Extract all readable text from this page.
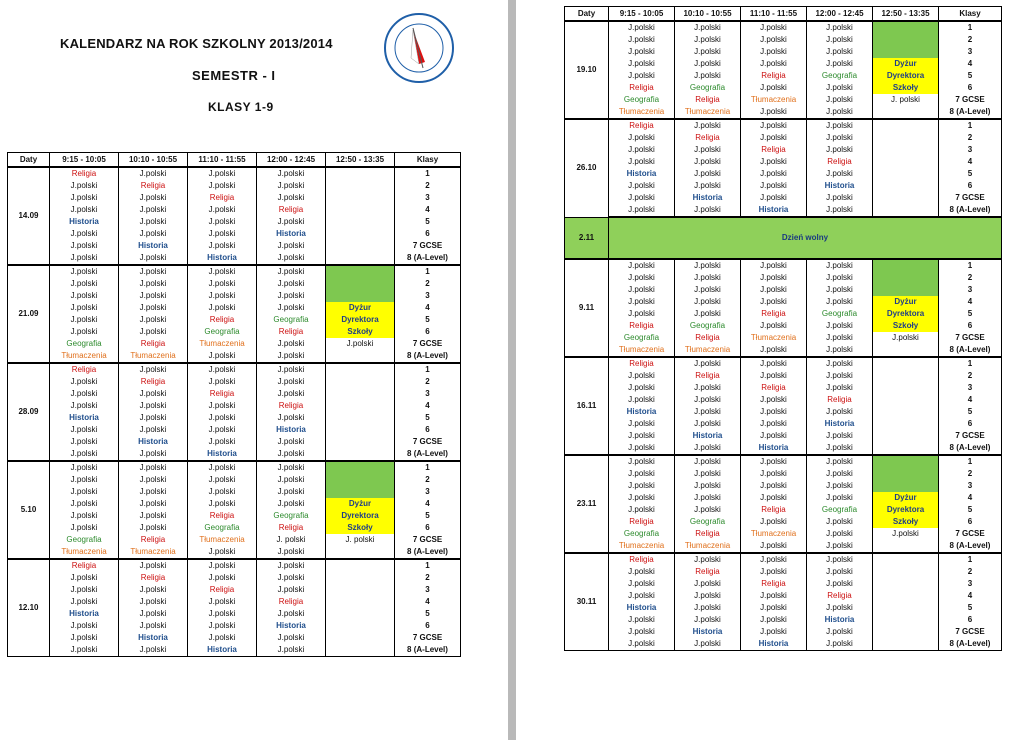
KALENDARZ NA ROK SZKOLNY 2013/2014
SEMESTR - I
KLASY 1-9
Daty	9:15 - 10:05	10:10 - 10:55	11:10 - 11:55	12:00 - 12:45	12:50 - 13:35	Klasy
14.09	Religia	J.polski	J.polski	J.polski		1
	J.polski	Religia	J.polski	J.polski		2
	J.polski	J.polski	Religia	J.polski		3
	J.polski	J.polski	J.polski	Religia		4
	Historia	J.polski	J.polski	J.polski		5
	J.polski	J.polski	J.polski	Historia		6
	J.polski	Historia	J.polski	J.polski		7 GCSE
	J.polski	J.polski	Historia	J.polski		8 (A-Level)
21.09	J.polski	J.polski	J.polski	J.polski		1
	J.polski	J.polski	J.polski	J.polski		2
	J.polski	J.polski	J.polski	J.polski		3
	J.polski	J.polski	J.polski	J.polski	Dyżur	4
	J.polski	J.polski	Religia	Geografia	Dyrektora	5
	J.polski	J.polski	Geografia	Religia	Szkoły	6
	Geografia	Religia	Tłumaczenia	J.polski	J.polski	7 GCSE
	Tłumaczenia	Tłumaczenia	J.polski	J.polski		8 (A-Level)
28.09	Religia	J.polski	J.polski	J.polski		1
	J.polski	Religia	J.polski	J.polski		2
	J.polski	J.polski	Religia	J.polski		3
	J.polski	J.polski	J.polski	Religia		4
	Historia	J.polski	J.polski	J.polski		5
	J.polski	J.polski	J.polski	Historia		6
	J.polski	Historia	J.polski	J.polski		7 GCSE
	J.polski	J.polski	Historia	J.polski		8 (A-Level)
5.10	J.polski	J.polski	J.polski	J.polski		1
	J.polski	J.polski	J.polski	J.polski		2
	J.polski	J.polski	J.polski	J.polski		3
	J.polski	J.polski	J.polski	J.polski	Dyżur	4
	J.polski	J.polski	Religia	Geografia	Dyrektora	5
	J.polski	J.polski	Geografia	Religia	Szkoły	6
	Geografia	Religia	Tłumaczenia	J. polski	J. polski	7 GCSE
	Tłumaczenia	Tłumaczenia	J.polski	J.polski		8 (A-Level)
12.10	Religia	J.polski	J.polski	J.polski		1
	J.polski	Religia	J.polski	J.polski		2
	J.polski	J.polski	Religia	J.polski		3
	J.polski	J.polski	J.polski	Religia		4
	Historia	J.polski	J.polski	J.polski		5
	J.polski	J.polski	J.polski	Historia		6
	J.polski	Historia	J.polski	J.polski		7 GCSE
	J.polski	J.polski	Historia	J.polski		8 (A-Level)
Daty	9:15 - 10:05	10:10 - 10:55	11:10 - 11:55	12:00 - 12:45	12:50 - 13:35	Klasy
19.10	J.polski	J.polski	J.polski	J.polski		1
	J.polski	J.polski	J.polski	J.polski		2
	J.polski	J.polski	J.polski	J.polski		3
	J.polski	J.polski	J.polski	J.polski	Dyżur	4
	J.polski	J.polski	Religia	Geografia	Dyrektora	5
	Religia	Geografia	J.polski	J.polski	Szkoły	6
	Geografia	Religia	Tłumaczenia	J.polski	J. polski	7 GCSE
	Tłumaczenia	Tłumaczenia	J.polski	J.polski		8 (A-Level)
26.10	Religia	J.polski	J.polski	J.polski		1
	J.polski	Religia	J.polski	J.polski		2
	J.polski	J.polski	Religia	J.polski		3
	J.polski	J.polski	J.polski	Religia		4
	Historia	J.polski	J.polski	J.polski		5
	J.polski	J.polski	J.polski	Historia		6
	J.polski	Historia	J.polski	J.polski		7 GCSE
	J.polski	J.polski	Historia	J.polski		8 (A-Level)
2.11	Dzień wolny					
9.11	J.polski	J.polski	J.polski	J.polski		1
	J.polski	J.polski	J.polski	J.polski		2
	J.polski	J.polski	J.polski	J.polski		3
	J.polski	J.polski	J.polski	J.polski	Dyżur	4
	J.polski	J.polski	Religia	Geografia	Dyrektora	5
	Religia	Geografia	J.polski	J.polski	Szkoły	6
	Geografia	Religia	Tłumaczenia	J.polski	J.polski	7 GCSE
	Tłumaczenia	Tłumaczenia	J.polski	J.polski		8 (A-Level)
16.11	Religia	J.polski	J.polski	J.polski		1
	J.polski	Religia	J.polski	J.polski		2
	J.polski	J.polski	Religia	J.polski		3
	J.polski	J.polski	J.polski	Religia		4
	Historia	J.polski	J.polski	J.polski		5
	J.polski	J.polski	J.polski	Historia		6
	J.polski	Historia	J.polski	J.polski		7 GCSE
	J.polski	J.polski	Historia	J.polski		8 (A-Level)
23.11	J.polski	J.polski	J.polski	J.polski		1
	J.polski	J.polski	J.polski	J.polski		2
	J.polski	J.polski	J.polski	J.polski		3
	J.polski	J.polski	J.polski	J.polski	Dyżur	4
	J.polski	J.polski	Religia	Geografia	Dyrektora	5
	Religia	Geografia	J.polski	J.polski	Szkoły	6
	Geografia	Religia	Tłumaczenia	J.polski	J.polski	7 GCSE
	Tłumaczenia	Tłumaczenia	J.polski	J.polski		8 (A-Level)
30.11	Religia	J.polski	J.polski	J.polski		1
	J.polski	Religia	J.polski	J.polski		2
	J.polski	J.polski	Religia	J.polski		3
	J.polski	J.polski	J.polski	Religia		4
	Historia	J.polski	J.polski	J.polski		5
	J.polski	J.polski	J.polski	Historia		6
	J.polski	Historia	J.polski	J.polski		7 GCSE
	J.polski	J.polski	Historia	J.polski		8 (A-Level)
